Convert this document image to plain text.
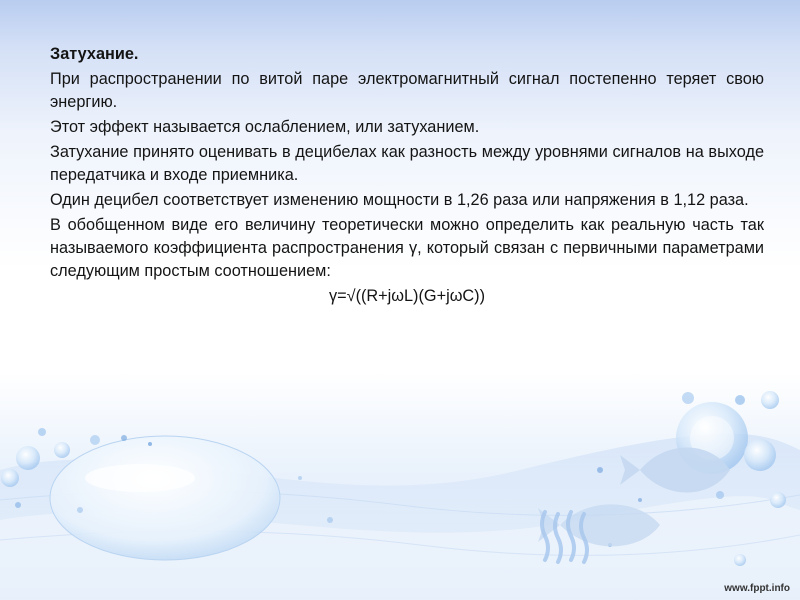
Затухание.

При распространении по витой паре электромагнитный сигнал постепенно теряет свою энергию.

Этот эффект называется ослаблением, или затуханием.

Затухание принято оценивать в децибелах как разность между уровнями сигналов на выходе передатчика и входе приемника.

Один децибел соответствует изменению мощности в 1,26 раза или напряжения в 1,12 раза.

В обобщенном виде его величину теоретически можно определить как реальную часть так называемого коэффициента распространения γ, который связан с первичными параметрами следующим простым соотношением:

γ=√((R+jωL)(G+jωC))

www.fppt.info
